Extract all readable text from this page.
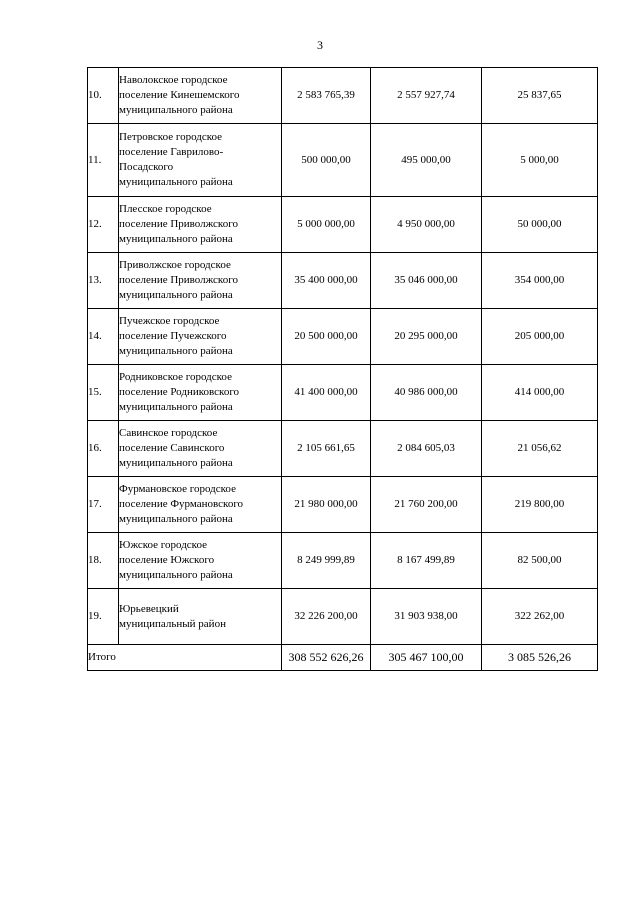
3
10.	Наволокское городское
поселение Кинешемского
муниципального района	2 583 765,39	2 557 927,74	25 837,65
11.	Петровское городское
поселение Гаврилово-
Посадского
муниципального района	500 000,00	495 000,00	5 000,00
12.	Плесское городское
поселение Приволжского
муниципального района	5 000 000,00	4 950 000,00	50 000,00
13.	Приволжское городское
поселение Приволжского
муниципального района	35 400 000,00	35 046 000,00	354 000,00
14.	Пучежское городское
поселение Пучежского
муниципального района	20 500 000,00	20 295 000,00	205 000,00
15.	Родниковское городское
поселение Родниковского
муниципального района	41 400 000,00	40 986 000,00	414 000,00
16.	Савинское городское
поселение Савинского
муниципального района	2 105 661,65	2 084 605,03	21 056,62
17.	Фурмановское городское
поселение Фурмановского
муниципального района	21 980 000,00	21 760 200,00	219 800,00
18.	Южское городское
поселение Южского
муниципального района	8 249 999,89	8 167 499,89	82 500,00
19.	Юрьевецкий
муниципальный район	32 226 200,00	31 903 938,00	322 262,00
Итого		308 552 626,26	305 467 100,00	3 085 526,26
